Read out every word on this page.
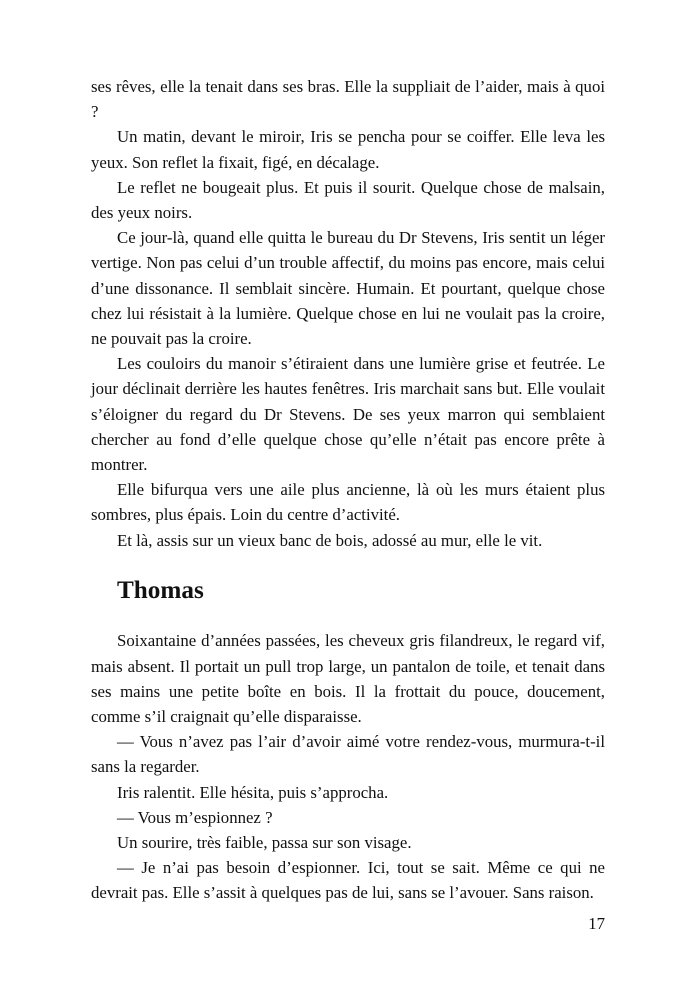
ses rêves, elle la tenait dans ses bras. Elle la suppliait de l’aider, mais à quoi ?

Un matin, devant le miroir, Iris se pencha pour se coiffer. Elle leva les yeux. Son reflet la fixait, figé, en décalage.

Le reflet ne bougeait plus. Et puis il sourit. Quelque chose de malsain, des yeux noirs.

Ce jour-là, quand elle quitta le bureau du Dr Stevens, Iris sentit un léger vertige. Non pas celui d’un trouble affectif, du moins pas encore, mais celui d’une dissonance. Il semblait sincère. Humain. Et pourtant, quelque chose chez lui résistait à la lumière. Quelque chose en lui ne voulait pas la croire, ne pouvait pas la croire.

Les couloirs du manoir s’étiraient dans une lumière grise et feutrée. Le jour déclinait derrière les hautes fenêtres. Iris marchait sans but. Elle voulait s’éloigner du regard du Dr Stevens. De ses yeux marron qui semblaient chercher au fond d’elle quelque chose qu’elle n’était pas encore prête à montrer.

Elle bifurqua vers une aile plus ancienne, là où les murs étaient plus sombres, plus épais. Loin du centre d’activité.

Et là, assis sur un vieux banc de bois, adossé au mur, elle le vit.

Thomas

Soixantaine d’années passées, les cheveux gris filandreux, le regard vif, mais absent. Il portait un pull trop large, un pantalon de toile, et tenait dans ses mains une petite boîte en bois. Il la frottait du pouce, doucement, comme s’il craignait qu’elle disparaisse.

— Vous n’avez pas l’air d’avoir aimé votre rendez-vous, murmura-t-il sans la regarder.

Iris ralentit. Elle hésita, puis s’approcha.

— Vous m’espionnez ?

Un sourire, très faible, passa sur son visage.

— Je n’ai pas besoin d’espionner. Ici, tout se sait. Même ce qui ne devrait pas. Elle s’assit à quelques pas de lui, sans se l’avouer. Sans raison.

17
